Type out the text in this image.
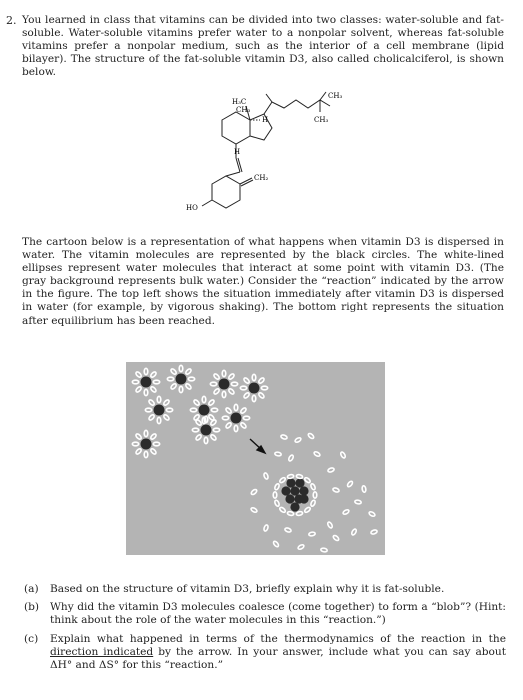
2. You learned in class that vitamins can be divided into two classes: water-soluble and fat-soluble. Water-soluble vitamins prefer water to a nonpolar solvent, whereas fat-soluble vitamins prefer a nonpolar medium, such as the interior of a cell membrane (lipid bilayer). The structure of the fat-soluble vitamin D3, also called cholicalciferol, is shown below.
H₃C
CH₃
H
CH₃
CH₃
H
CH₂
HO
The cartoon below is a representation of what happens when vitamin D3 is dispersed in water. The vitamin molecules are represented by the black circles. The white-lined ellipses represent water molecules that interact at some point with vitamin D3. (The gray background represents bulk water.) Consider the “reaction” indicated by the arrow in the figure. The top left shows the situation immediately after vitamin D3 is dispersed in water (for example, by vigorous shaking). The bottom right represents the situation after equilibrium has been reached.
(a)	Based on the structure of vitamin D3, briefly explain why it is fat-soluble.
(b)	Why did the vitamin D3 molecules coalesce (come together) to form a “blob”? (Hint: think about the role of the water molecules in this “reaction.”)
(c)	Explain what happened in terms of the thermodynamics of the reaction in the direction indicated by the arrow. In your answer, include what you can say about ΔH° and ΔS° for this “reaction.”
